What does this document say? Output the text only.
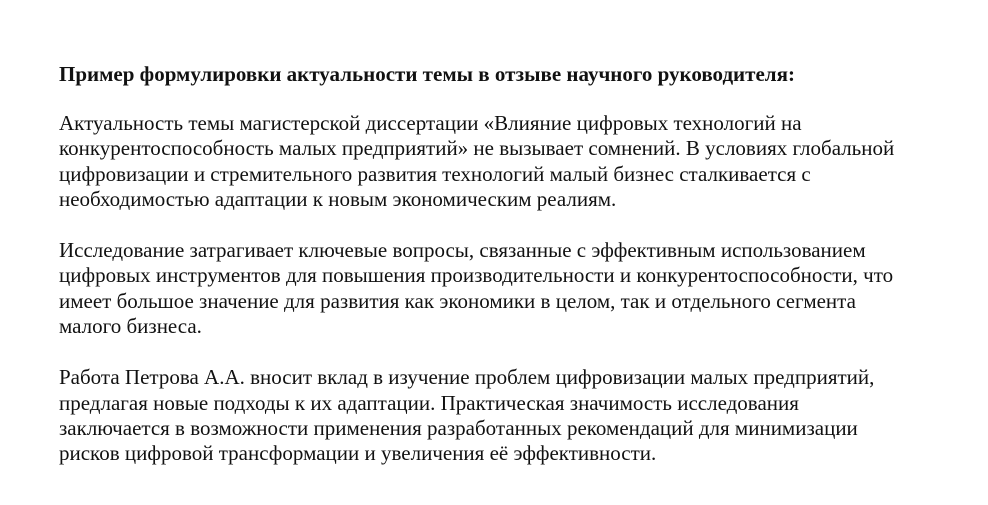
Пример формулировки актуальности темы в отзыве научного руководителя:

Актуальность темы магистерской диссертации «Влияние цифровых технологий на
конкурентоспособность малых предприятий» не вызывает сомнений. В условиях глобальной
цифровизации и стремительного развития технологий малый бизнес сталкивается с
необходимостью адаптации к новым экономическим реалиям.

Исследование затрагивает ключевые вопросы, связанные с эффективным использованием
цифровых инструментов для повышения производительности и конкурентоспособности, что
имеет большое значение для развития как экономики в целом, так и отдельного сегмента
малого бизнеса.

Работа Петрова А.А. вносит вклад в изучение проблем цифровизации малых предприятий,
предлагая новые подходы к их адаптации. Практическая значимость исследования
заключается в возможности применения разработанных рекомендаций для минимизации
рисков цифровой трансформации и увеличения её эффективности.
